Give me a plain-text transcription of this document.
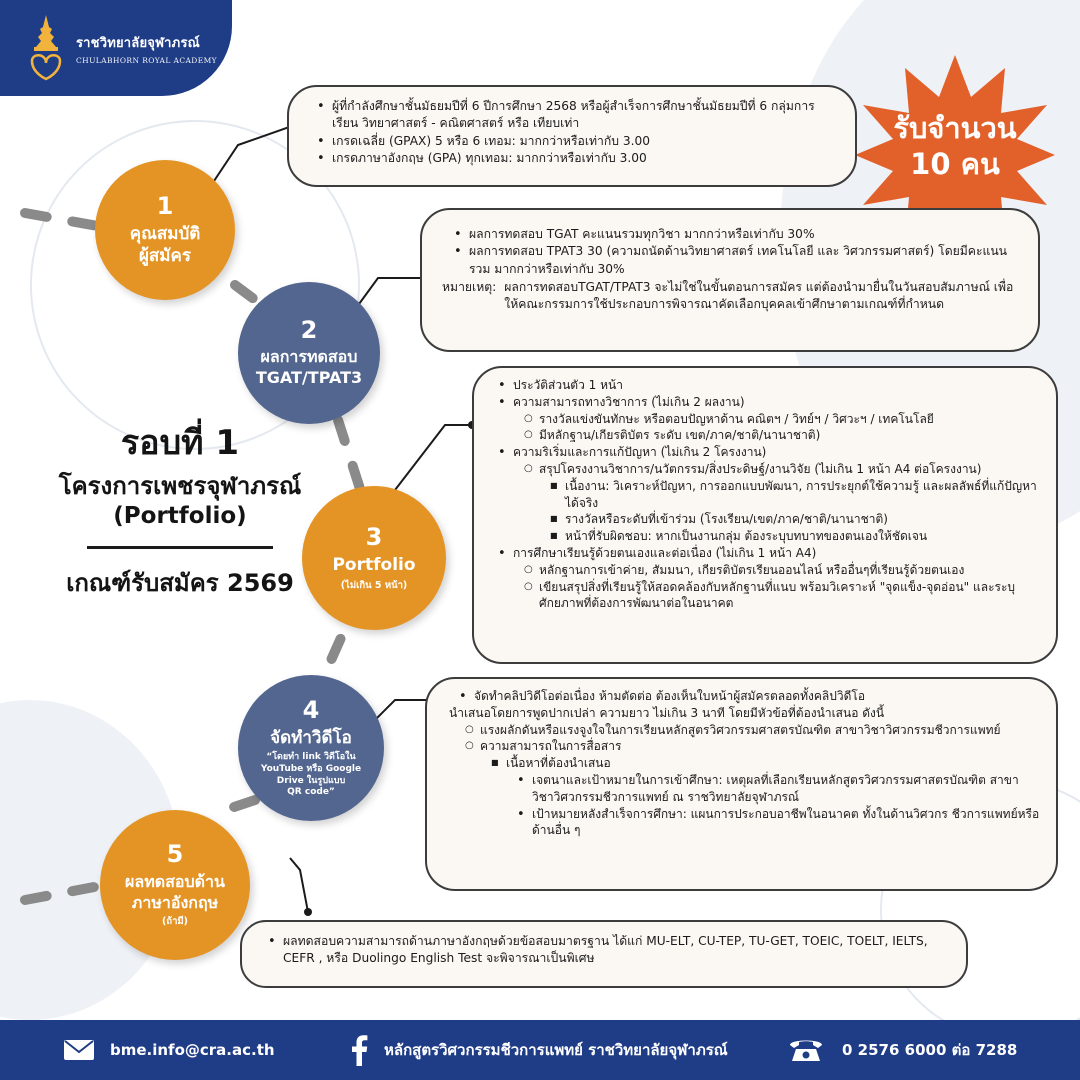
ราชวิทยาลัยจุฬาภรณ์
CHULABHORN ROYAL ACADEMY
รับจำนวน
10 คน
1
คุณสมบัติ
ผู้สมัคร
2
ผลการทดสอบ
TGAT/TPAT3
3
Portfolio
(ไม่เกิน 5 หน้า)
4
จัดทำวิดีโอ
“โดยทำ link วิดีโอใน
YouTube หรือ Google
Drive ในรูปแบบ
QR code”
5
ผลทดสอบด้าน
ภาษาอังกฤษ
(ถ้ามี)
• ผู้ที่กำลังศึกษาชั้นมัธยมปีที่ 6 ปีการศึกษา 2568 หรือผู้สำเร็จการศึกษาชั้นมัธยมปีที่ 6 กลุ่มการเรียน วิทยาศาสตร์ - คณิตศาสตร์ หรือ เทียบเท่า
• เกรดเฉลี่ย (GPAX) 5 หรือ 6 เทอม: มากกว่าหรือเท่ากับ 3.00
• เกรดภาษาอังกฤษ (GPA) ทุกเทอม: มากกว่าหรือเท่ากับ 3.00
• ผลการทดสอบ TGAT คะแนนรวมทุกวิชา มากกว่าหรือเท่ากับ 30%
• ผลการทดสอบ TPAT3 30 (ความถนัดด้านวิทยาศาสตร์ เทคโนโลยี และ วิศวกรรมศาสตร์) โดยมีคะแนนรวม มากกว่าหรือเท่ากับ 30%
หมายเหตุ: ผลการทดสอบTGAT/TPAT3 จะไม่ใช่ในขั้นตอนการสมัคร แต่ต้องนำมายื่นในวันสอบสัมภาษณ์ เพื่อให้คณะกรรมการใช้ประกอบการพิจารณาคัดเลือกบุคคลเข้าศึกษาตามเกณฑ์ที่กำหนด
• ประวัติส่วนตัว 1 หน้า
• ความสามารถทางวิชาการ (ไม่เกิน 2 ผลงาน)
○ รางวัลแข่งขันทักษะ หรือตอบปัญหาด้าน คณิตฯ / วิทย์ฯ / วิศวะฯ / เทคโนโลยี
○ มีหลักฐาน/เกียรติบัตร ระดับ เขต/ภาค/ชาติ/นานาชาติ)
• ความริเริ่มและการแก้ปัญหา (ไม่เกิน 2 โครงงาน)
○ สรุปโครงงานวิชาการ/นวัตกรรม/สิ่งประดิษฐ์/งานวิจัย (ไม่เกิน 1 หน้า A4 ต่อโครงงาน)
■ เนื้องาน: วิเคราะห์ปัญหา, การออกแบบพัฒนา, การประยุกต์ใช้ความรู้ และผลลัพธ์ที่แก้ปัญหาได้จริง
■ รางวัลหรือระดับที่เข้าร่วม (โรงเรียน/เขต/ภาค/ชาติ/นานาชาติ)
■ หน้าที่รับผิดชอบ: หากเป็นงานกลุ่ม ต้องระบุบทบาทของตนเองให้ชัดเจน
• การศึกษาเรียนรู้ด้วยตนเองและต่อเนื่อง (ไม่เกิน 1 หน้า A4)
○ หลักฐานการเข้าค่าย, สัมมนา, เกียรติบัตรเรียนออนไลน์ หรืออื่นๆที่เรียนรู้ด้วยตนเอง
○ เขียนสรุปสิ่งที่เรียนรู้ให้สอดคล้องกับหลักฐานที่แนบ พร้อมวิเคราะห์ "จุดแข็ง-จุดอ่อน" และระบุศักยภาพที่ต้องการพัฒนาต่อในอนาคต
รอบที่ 1
โครงการเพชรจุฬาภรณ์
(Portfolio)
เกณฑ์รับสมัคร 2569
• จัดทำคลิปวิดีโอต่อเนื่อง ห้ามตัดต่อ ต้องเห็นใบหน้าผู้สมัครตลอดทั้งคลิปวิดีโอ
นำเสนอโดยการพูดปากเปล่า ความยาว ไม่เกิน 3 นาที โดยมีหัวข้อที่ต้องนำเสนอ ดังนี้
○ แรงผลักดันหรือแรงจูงใจในการเรียนหลักสูตรวิศวกรรมศาสตรบัณฑิต สาขาวิชาวิศวกรรมชีวการแพทย์
○ ความสามารถในการสื่อสาร
■ เนื้อหาที่ต้องนำเสนอ
• เจตนาและเป้าหมายในการเข้าศึกษา: เหตุผลที่เลือกเรียนหลักสูตรวิศวกรรมศาสตรบัณฑิต สาขาวิชาวิศวกรรมชีวการแพทย์ ณ ราชวิทยาลัยจุฬาภรณ์
• เป้าหมายหลังสำเร็จการศึกษา: แผนการประกอบอาชีพในอนาคต ทั้งในด้านวิศวกร ชีวการแพทย์หรือด้านอื่น ๆ
• ผลทดสอบความสามารถด้านภาษาอังกฤษด้วยข้อสอบมาตรฐาน ได้แก่ MU-ELT, CU-TEP, TU-GET, TOEIC, TOELT, IELTS, CEFR , หรือ Duolingo English Test จะพิจารณาเป็นพิเศษ
bme.info@cra.ac.th	หลักสูตรวิศวกรรมชีวการแพทย์ ราชวิทยาลัยจุฬาภรณ์	0 2576 6000 ต่อ 7288
